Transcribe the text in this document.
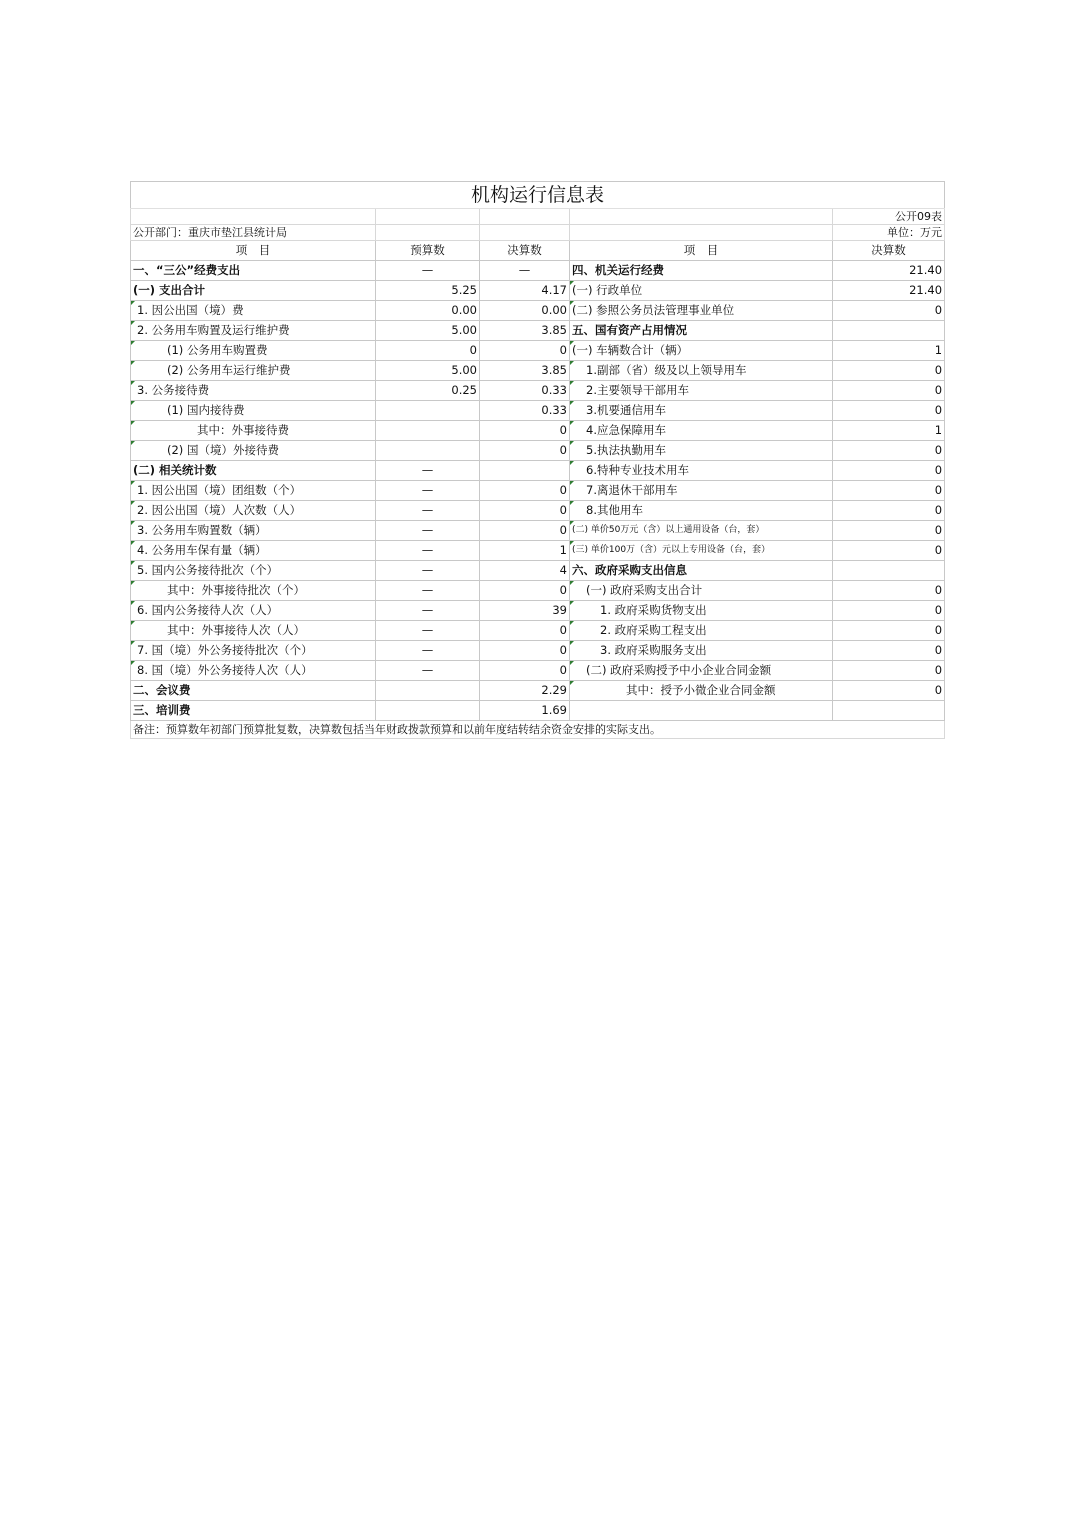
机构运行信息表				
				公开09表
公开部门：重庆市垫江县统计局				单位：万元
项　目	预算数	决算数	项　目	决算数
一、“三公”经费支出	—	—	四、机关运行经费	21.40
(一) 支出合计	5.25	4.17	(一) 行政单位	21.40
1. 因公出国（境）费	0.00	0.00	(二) 参照公务员法管理事业单位	0
2. 公务用车购置及运行维护费	5.00	3.85	五、国有资产占用情况	
(1) 公务用车购置费	0	0	(一) 车辆数合计（辆）	1
(2) 公务用车运行维护费	5.00	3.85	1.副部（省）级及以上领导用车	0
3. 公务接待费	0.25	0.33	2.主要领导干部用车	0
(1) 国内接待费		0.33	3.机要通信用车	0
其中：外事接待费		0	4.应急保障用车	1
(2) 国（境）外接待费		0	5.执法执勤用车	0
(二) 相关统计数	—		6.特种专业技术用车	0
1. 因公出国（境）团组数（个）	—	0	7.离退休干部用车	0
2. 因公出国（境）人次数（人）	—	0	8.其他用车	0
3. 公务用车购置数（辆）	—	0	(二) 单价50万元（含）以上通用设备（台，套）	0
4. 公务用车保有量（辆）	—	1	(三) 单价100万（含）元以上专用设备（台，套）	0
5. 国内公务接待批次（个）	—	4	六、政府采购支出信息	
其中：外事接待批次（个）	—	0	(一) 政府采购支出合计	0
6. 国内公务接待人次（人）	—	39	1. 政府采购货物支出	0
其中：外事接待人次（人）	—	0	2. 政府采购工程支出	0
7. 国（境）外公务接待批次（个）	—	0	3. 政府采购服务支出	0
8. 国（境）外公务接待人次（人）	—	0	(二) 政府采购授予中小企业合同金额	0
二、会议费		2.29	其中：授予小微企业合同金额	0
三、培训费		1.69		
备注：预算数年初部门预算批复数，决算数包括当年财政拨款预算和以前年度结转结余资金安排的实际支出。				
